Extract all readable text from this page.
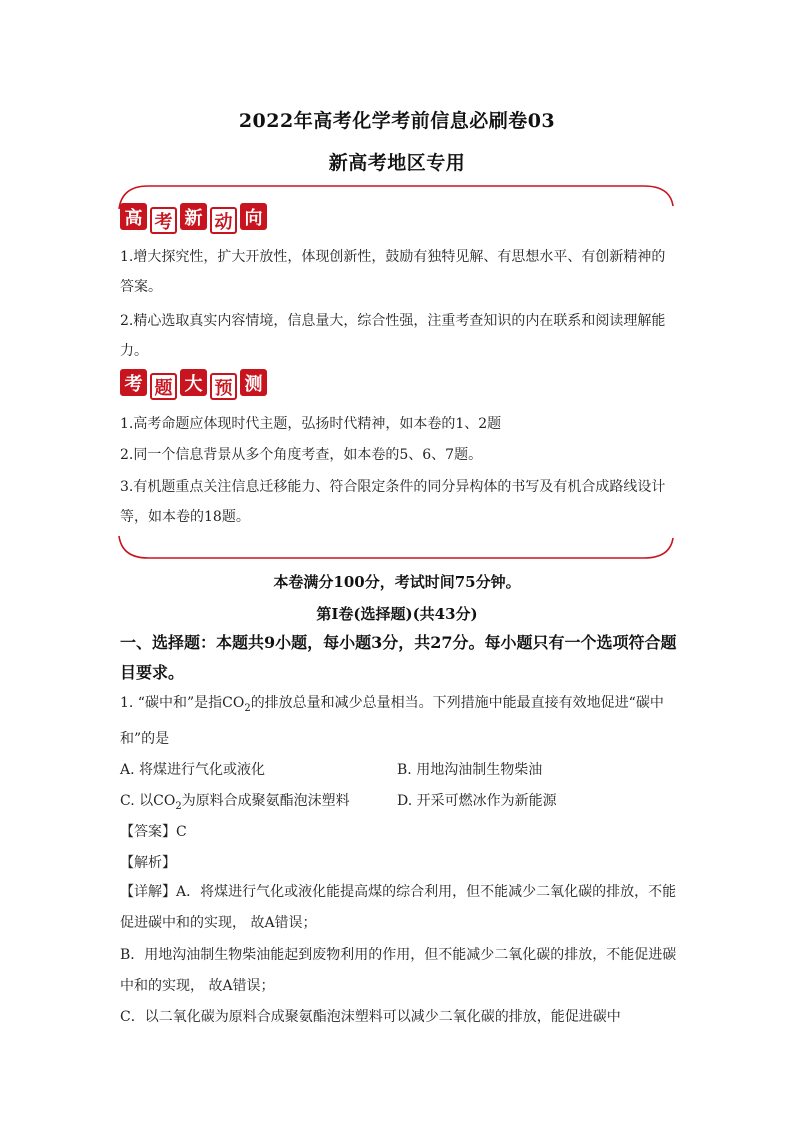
2022年高考化学考前信息必刷卷03
新高考地区专用
高 考 新 动 向
1.增大探究性，扩大开放性，体现创新性，鼓励有独特见解、有思想水平、有创新精神的答案。
2.精心选取真实内容情境，信息量大，综合性强，注重考查知识的内在联系和阅读理解能力。
考 题 大 预 测
1.高考命题应体现时代主题，弘扬时代精神，如本卷的1、2题
2.同一个信息背景从多个角度考查，如本卷的5、6、7题。
3.有机题重点关注信息迁移能力、符合限定条件的同分异构体的书写及有机合成路线设计等，如本卷的18题。
本卷满分100分，考试时间75分钟。
第I卷(选择题)(共43分)
一、选择题：本题共9小题，每小题3分，共27分。每小题只有一个选项符合题目要求。
1. “碳中和”是指$CO_2$的排放总量和减少总量相当。下列措施中能最直接有效地促进“碳中和”的是
A. 将煤进行气化或液化	B. 用地沟油制生物柴油
C. 以$CO_2$为原料合成聚氨酯泡沫塑料	D. 开采可燃冰作为新能源
【答案】C
【解析】
【详解】A．将煤进行气化或液化能提高煤的综合利用，但不能减少二氧化碳的排放，不能促进碳中和的实现， 故A错误；
B．用地沟油制生物柴油能起到废物利用的作用，但不能减少二氧化碳的排放，不能促进碳中和的实现， 故A错误；
C．以二氧化碳为原料合成聚氨酯泡沫塑料可以减少二氧化碳的排放，能促进碳中
